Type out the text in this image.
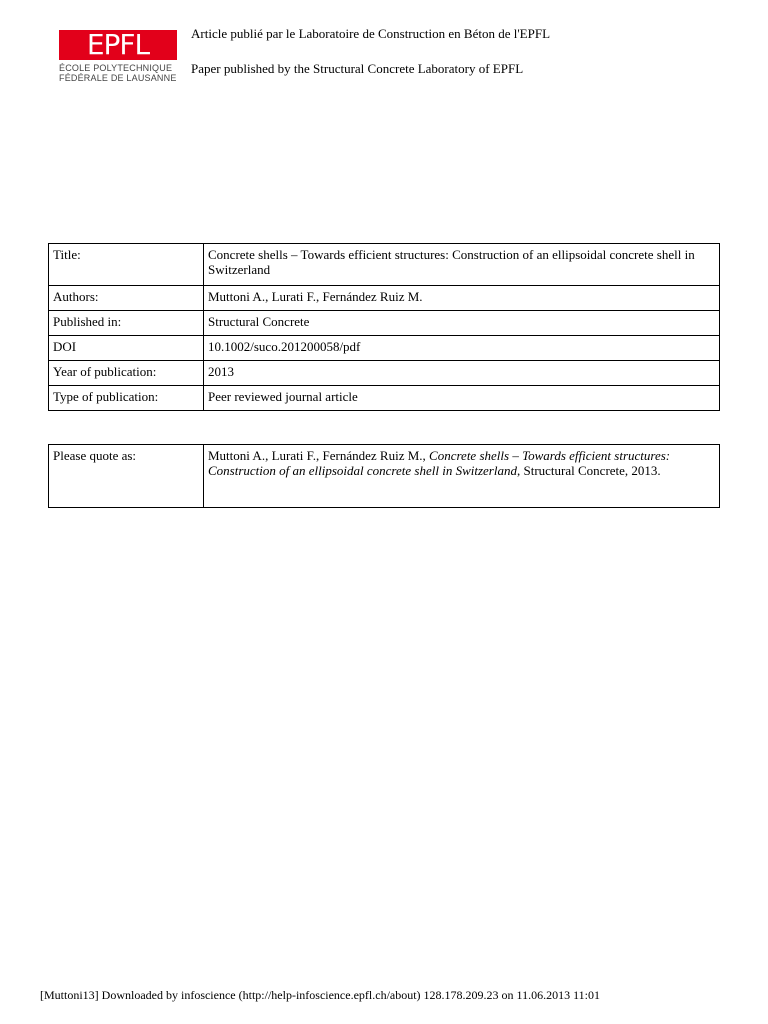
EPFL
ÉCOLE POLYTECHNIQUE
FÉDÉRALE DE LAUSANNE
Article publié par le Laboratoire de Construction en Béton de l'EPFL
Paper published by the Structural Concrete Laboratory of EPFL
Title:	Concrete shells – Towards efficient structures: Construction of an ellipsoidal concrete shell in Switzerland
Authors:	Muttoni A., Lurati F., Fernández Ruiz M.
Published in:	Structural Concrete
DOI	10.1002/suco.201200058/pdf
Year of publication:	2013
Type of publication:	Peer reviewed journal article
Please quote as:	Muttoni A., Lurati F., Fernández Ruiz M., Concrete shells – Towards efficient structures: Construction of an ellipsoidal concrete shell in Switzerland, Structural Concrete, 2013.
[Muttoni13] Downloaded by infoscience (http://help-infoscience.epfl.ch/about) 128.178.209.23 on 11.06.2013 11:01
